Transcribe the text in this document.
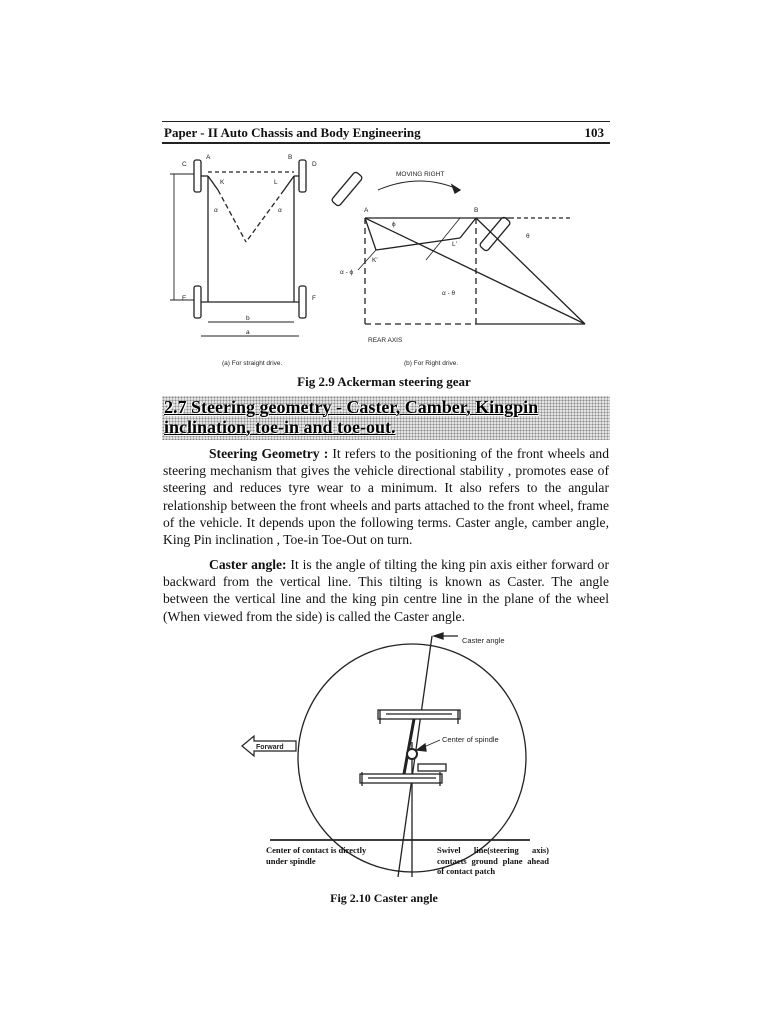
Paper - II Auto Chassis and Body Engineering	103
A	B
C	D
E	F
K	L
α	α
b
a
MOVING RIGHT
A	B
K'
L'
ϕ
θ
α - ϕ
α - θ
REAR AXIS
(a) For straight drive.	(b) For Right drive.
Fig 2.9 Ackerman steering gear
2.7 Steering geometry - Caster, Camber, Kingpin inclination, toe-in and toe-out.
Steering Geometry : It refers to the positioning of the front wheels and steering mechanism that gives the vehicle directional stability , promotes ease of steering and reduces tyre wear to a minimum. It also refers to the angular relationship between the front wheels and parts attached to the front wheel, frame of the vehicle. It depends upon the following terms. Caster angle, camber angle, King Pin inclination , Toe-in Toe-Out on turn.
Caster angle: It is the angle of tilting the king pin axis either forward or backward from the vertical line. This tilting is known as Caster. The angle between the vertical line and the king pin centre line in the plane of the wheel (When viewed from the side) is called the Caster angle.
Caster angle
Center of spindle
Forward
Center of contact is directly under spindle
Swivel line(steering axis) contacts ground plane ahead of contact patch
Fig 2.10 Caster angle
